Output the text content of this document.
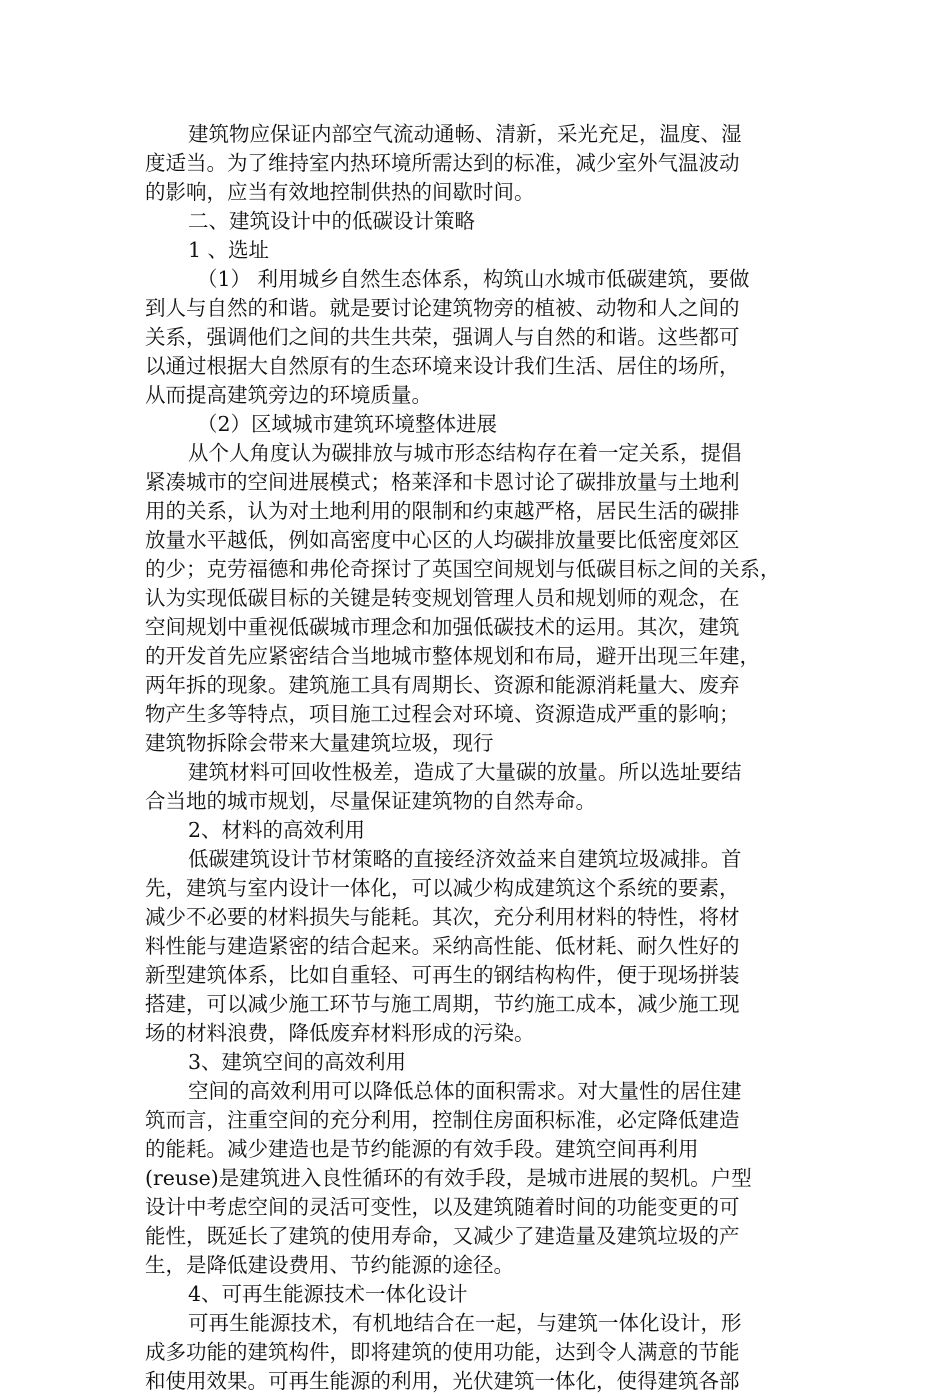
建筑物应保证内部空气流动通畅、清新，采光充足，温度、湿
度适当。为了维持室内热环境所需达到的标准，减少室外气温波动
的影响，应当有效地控制供热的间歇时间。
二、建筑设计中的低碳设计策略
1 、选址
（1） 利用城乡自然生态体系，构筑山水城市低碳建筑，要做
到人与自然的和谐。就是要讨论建筑物旁的植被、动物和人之间的
关系，强调他们之间的共生共荣，强调人与自然的和谐。这些都可
以通过根据大自然原有的生态环境来设计我们生活、居住的场所，
从而提高建筑旁边的环境质量。
（2）区域城市建筑环境整体进展
从个人角度认为碳排放与城市形态结构存在着一定关系，提倡
紧凑城市的空间进展模式；格莱泽和卡恩讨论了碳排放量与土地利
用的关系，认为对土地利用的限制和约束越严格，居民生活的碳排
放量水平越低，例如高密度中心区的人均碳排放量要比低密度郊区
的少；克劳福德和弗伦奇探讨了英国空间规划与低碳目标之间的关系，
认为实现低碳目标的关键是转变规划管理人员和规划师的观念，在
空间规划中重视低碳城市理念和加强低碳技术的运用。其次，建筑
的开发首先应紧密结合当地城市整体规划和布局，避开出现三年建，
两年拆的现象。建筑施工具有周期长、资源和能源消耗量大、废弃
物产生多等特点，项目施工过程会对环境、资源造成严重的影响；
建筑物拆除会带来大量建筑垃圾，现行
建筑材料可回收性极差，造成了大量碳的放量。所以选址要结
合当地的城市规划，尽量保证建筑物的自然寿命。
2、材料的高效利用
低碳建筑设计节材策略的直接经济效益来自建筑垃圾减排。首
先，建筑与室内设计一体化，可以减少构成建筑这个系统的要素，
减少不必要的材料损失与能耗。其次，充分利用材料的特性，将材
料性能与建造紧密的结合起来。采纳高性能、低材耗、耐久性好的
新型建筑体系，比如自重轻、可再生的钢结构构件，便于现场拼装
搭建，可以减少施工环节与施工周期，节约施工成本，减少施工现
场的材料浪费，降低废弃材料形成的污染。
3、建筑空间的高效利用
空间的高效利用可以降低总体的面积需求。对大量性的居住建
筑而言，注重空间的充分利用，控制住房面积标准，必定降低建造
的能耗。减少建造也是节约能源的有效手段。建筑空间再利用
(reuse)是建筑进入良性循环的有效手段，是城市进展的契机。户型
设计中考虑空间的灵活可变性，以及建筑随着时间的功能变更的可
能性，既延长了建筑的使用寿命，又减少了建造量及建筑垃圾的产
生，是降低建设费用、节约能源的途径。
4、可再生能源技术一体化设计
可再生能源技术，有机地结合在一起，与建筑一体化设计，形
成多功能的建筑构件，即将建筑的使用功能，达到令人满意的节能
和使用效果。可再生能源的利用，光伏建筑一体化，使得建筑各部
